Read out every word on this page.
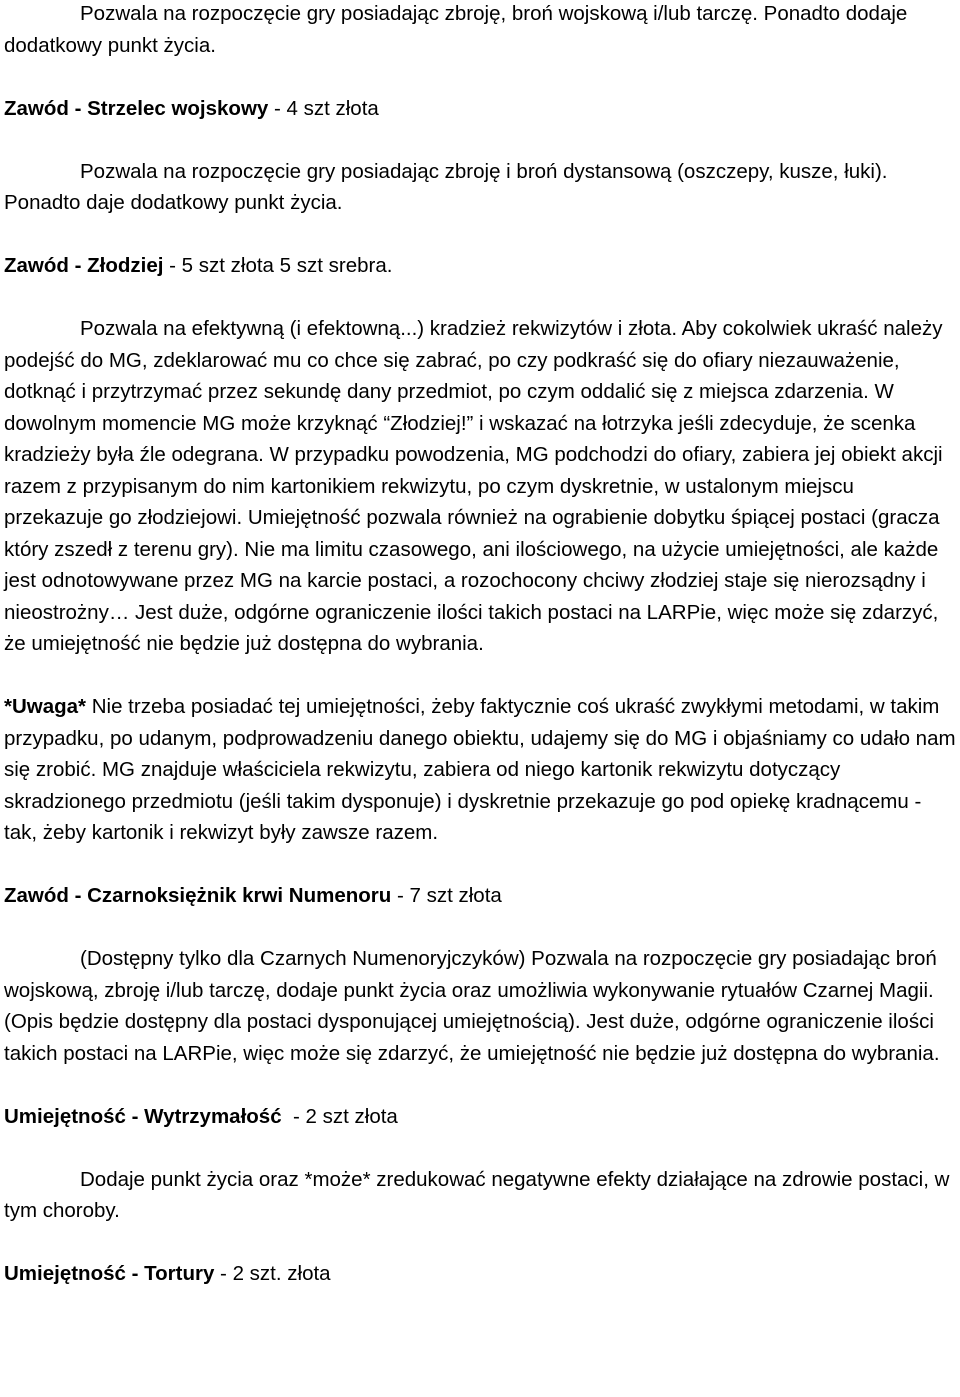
Pozwala na rozpoczęcie gry posiadając zbroję, broń wojskową i/lub tarczę. Ponadto dodaje dodatkowy punkt życia.

Zawód - Strzelec wojskowy - 4 szt złota

Pozwala na rozpoczęcie gry posiadając zbroję i broń dystansową (oszczepy, kusze, łuki). Ponadto daje dodatkowy punkt życia.

Zawód - Złodziej - 5 szt złota 5 szt srebra.

Pozwala na efektywną (i efektowną...) kradzież rekwizytów i złota. Aby cokolwiek ukraść należy podejść do MG, zdeklarować mu co chce się zabrać, po czy podkraść się do ofiary niezauważenie, dotknąć i przytrzymać przez sekundę dany przedmiot, po czym oddalić się z miejsca zdarzenia. W dowolnym momencie MG może krzyknąć “Złodziej!” i wskazać na łotrzyka jeśli zdecyduje, że scenka kradzieży była źle odegrana. W przypadku powodzenia, MG podchodzi do ofiary, zabiera jej obiekt akcji razem z przypisanym do nim kartonikiem rekwizytu, po czym dyskretnie, w ustalonym miejscu przekazuje go złodziejowi. Umiejętność pozwala również na ograbienie dobytku śpiącej postaci (gracza który zszedł z terenu gry). Nie ma limitu czasowego, ani ilościowego, na użycie umiejętności, ale każde jest odnotowywane przez MG na karcie postaci, a rozochocony chciwy złodziej staje się nierozsądny i nieostrożny… Jest duże, odgórne ograniczenie ilości takich postaci na LARPie, więc może się zdarzyć, że umiejętność nie będzie już dostępna do wybrania.

*Uwaga* Nie trzeba posiadać tej umiejętności, żeby faktycznie coś ukraść zwykłymi metodami, w takim przypadku, po udanym, podprowadzeniu danego obiektu, udajemy się do MG i objaśniamy co udało nam się zrobić. MG znajduje właściciela rekwizytu, zabiera od niego kartonik rekwizytu dotyczący skradzionego przedmiotu (jeśli takim dysponuje) i dyskretnie przekazuje go pod opiekę kradnącemu - tak, żeby kartonik i rekwizyt były zawsze razem.

Zawód - Czarnoksiężnik krwi Numenoru - 7 szt złota

(Dostępny tylko dla Czarnych Numenoryjczyków) Pozwala na rozpoczęcie gry posiadając broń wojskową, zbroję i/lub tarczę, dodaje punkt życia oraz umożliwia wykonywanie rytuałów Czarnej Magii. (Opis będzie dostępny dla postaci dysponującej umiejętnością). Jest duże, odgórne ograniczenie ilości takich postaci na LARPie, więc może się zdarzyć, że umiejętność nie będzie już dostępna do wybrania.

Umiejętność - Wytrzymałość  - 2 szt złota

Dodaje punkt życia oraz *może* zredukować negatywne efekty działające na zdrowie postaci, w tym choroby.

Umiejętność - Tortury - 2 szt. złota
